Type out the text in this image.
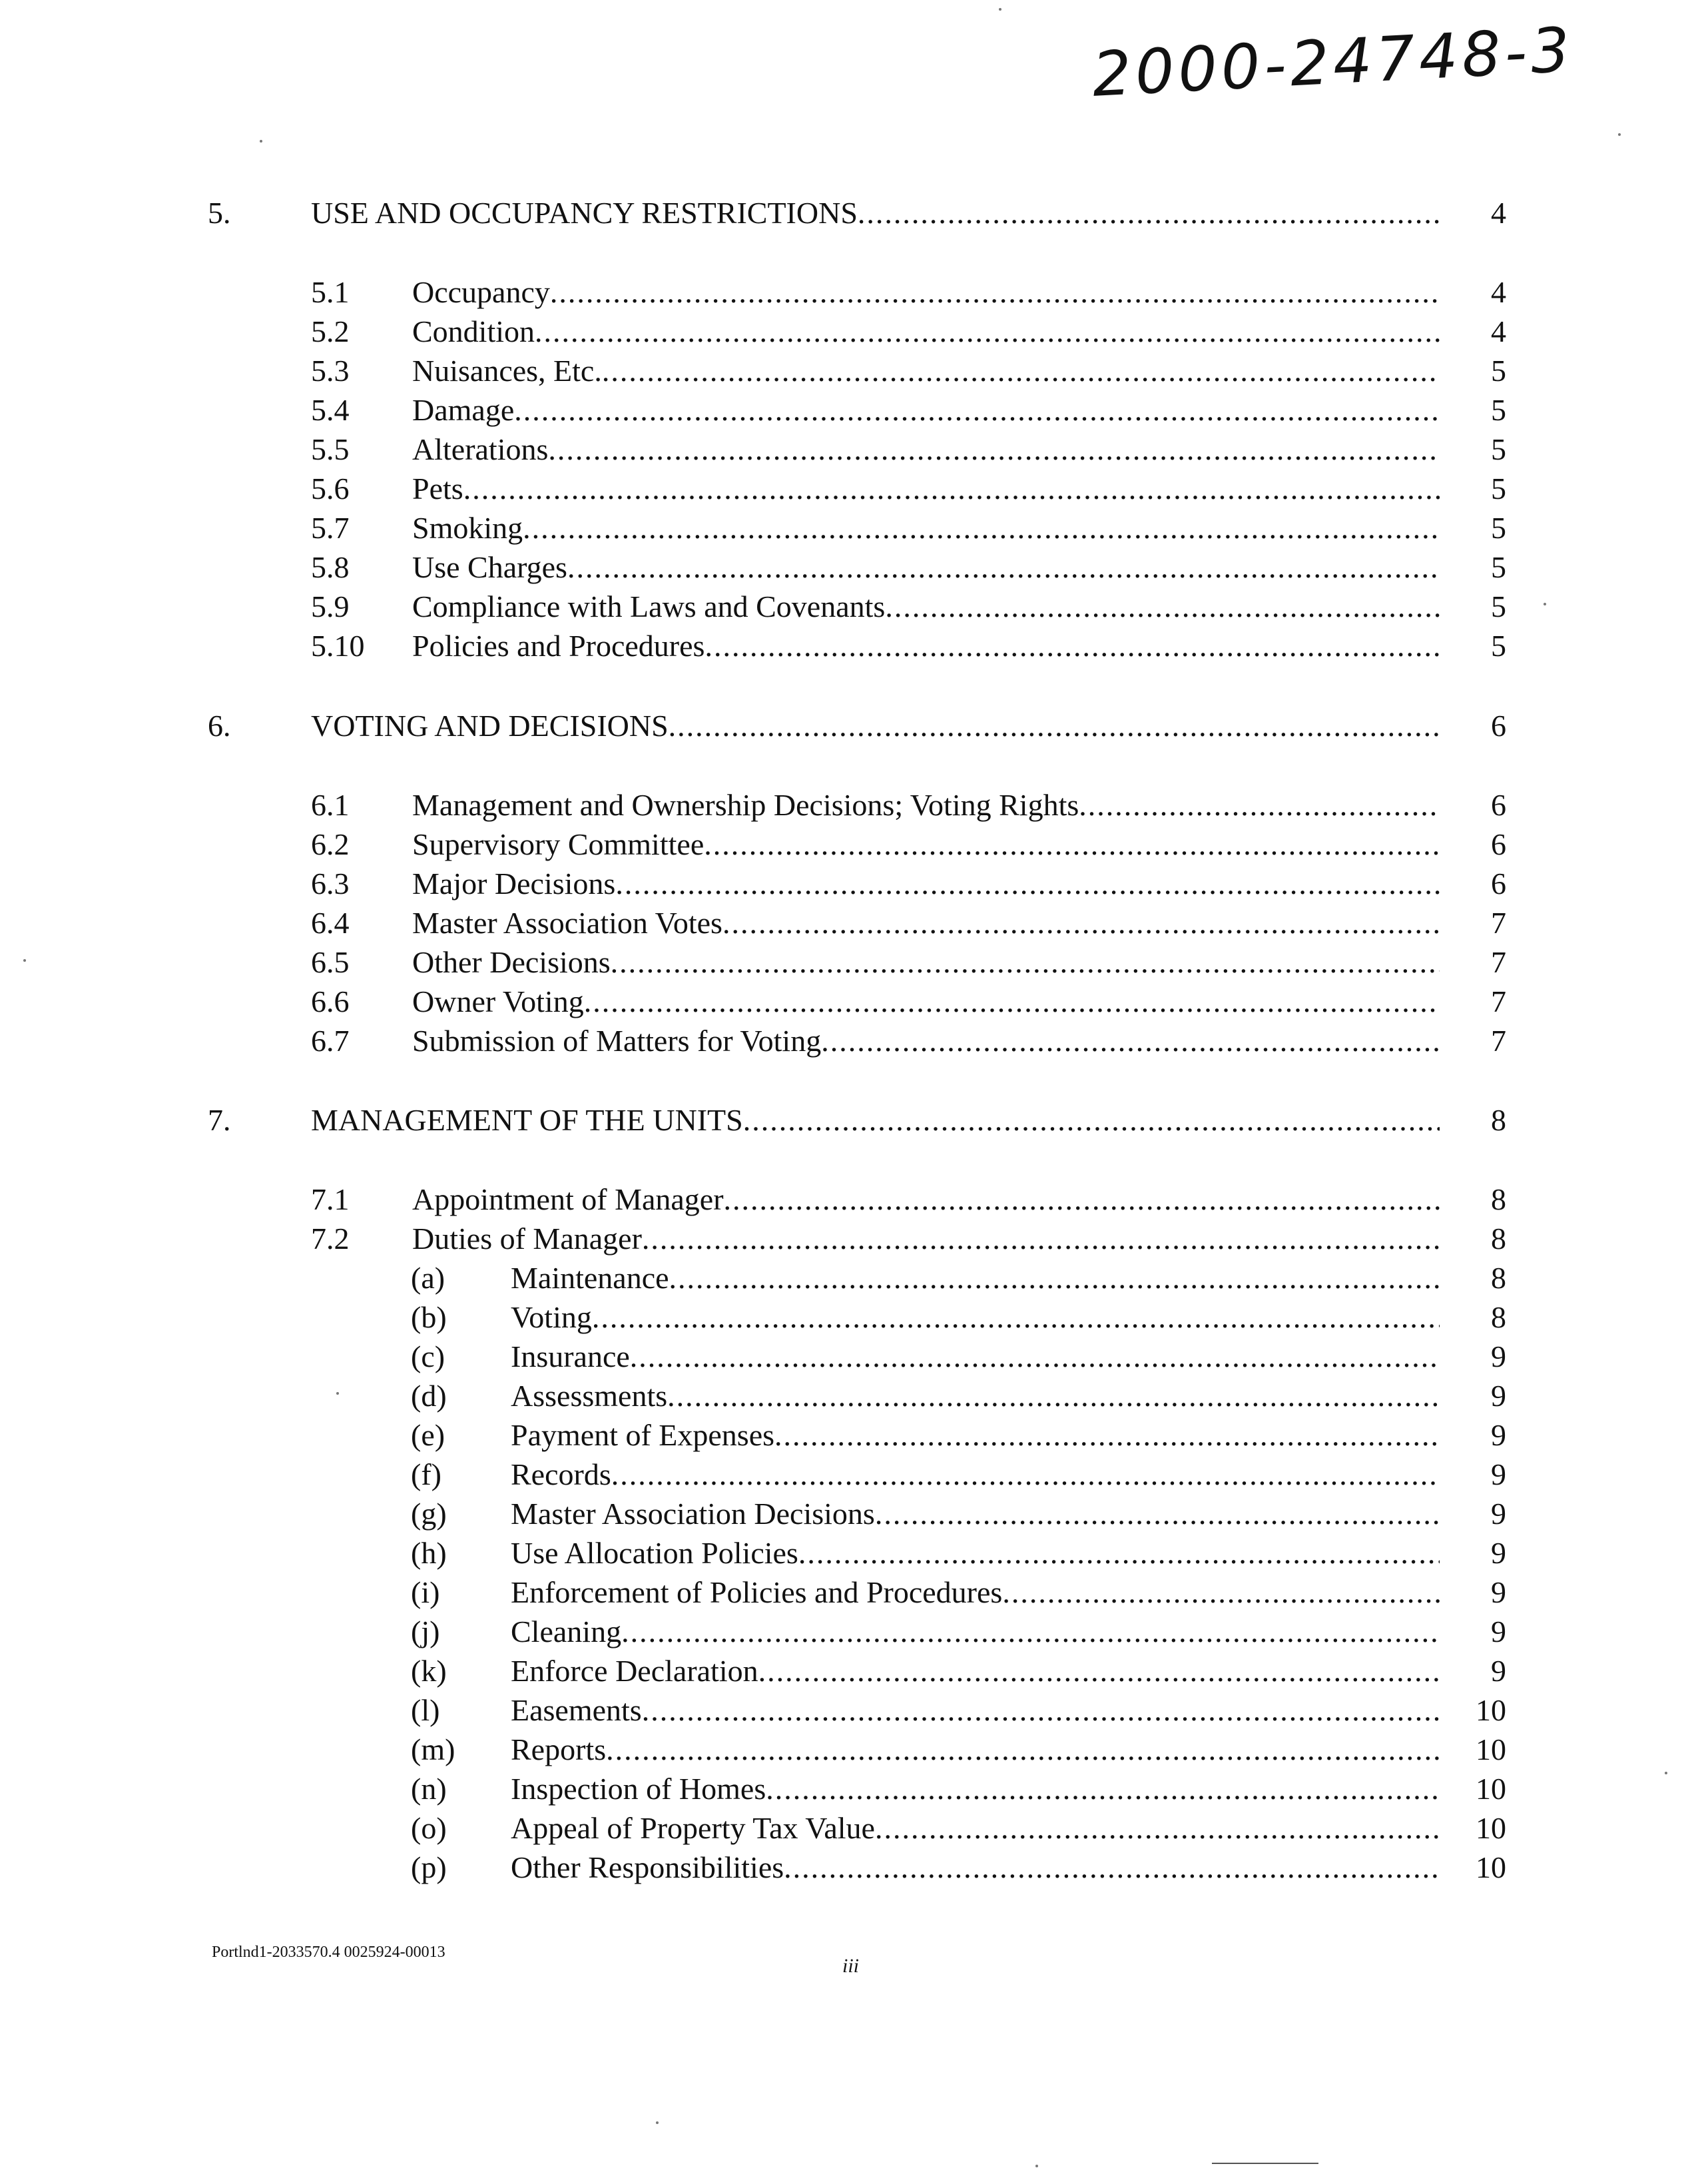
2000-24748-3
5.	USE AND OCCUPANCY RESTRICTIONS .....	4
5.1 Occupancy .....	4
5.2 Condition .....	4
5.3 Nuisances, Etc. .....	5
5.4 Damage .....	5
5.5 Alterations .....	5
5.6 Pets .....	5
5.7 Smoking .....	5
5.8 Use Charges .....	5
5.9 Compliance with Laws and Covenants .....	5
5.10 Policies and Procedures .....	5
6.	VOTING AND DECISIONS .....	6
6.1 Management and Ownership Decisions; Voting Rights .....	6
6.2 Supervisory Committee .....	6
6.3 Major Decisions .....	6
6.4 Master Association Votes .....	7
6.5 Other Decisions .....	7
6.6 Owner Voting .....	7
6.7 Submission of Matters for Voting .....	7
7.	MANAGEMENT OF THE UNITS .....	8
7.1 Appointment of Manager .....	8
7.2 Duties of Manager .....	8
(a) Maintenance .....	8
(b) Voting .....	8
(c) Insurance .....	9
(d) Assessments .....	9
(e) Payment of Expenses .....	9
(f) Records .....	9
(g) Master Association Decisions .....	9
(h) Use Allocation Policies .....	9
(i) Enforcement of Policies and Procedures .....	9
(j) Cleaning .....	9
(k) Enforce Declaration .....	9
(l) Easements .....	10
(m) Reports .....	10
(n) Inspection of Homes .....	10
(o) Appeal of Property Tax Value .....	10
(p) Other Responsibilities .....	10
Portlnd1-2033570.4 0025924-00013
iii
